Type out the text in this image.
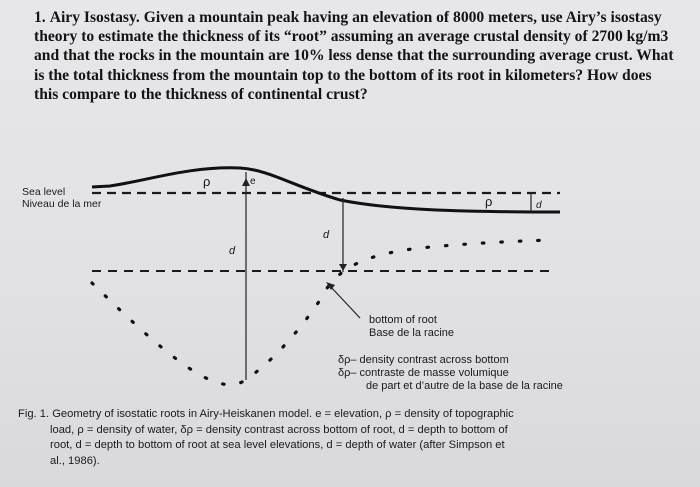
1. Airy Isostasy. Given a mountain peak having an elevation of 8000 meters, use Airy’s isostasy theory to estimate the thickness of its “root” assuming an average crustal density of 2700 kg/m3 and that the rocks in the mountain are 10% less dense that the surrounding average crust. What is the total thickness from the mountain top to the bottom of its root in kilometers? How does this compare to the thickness of continental crust?
Sea level
Niveau de la mer
ρ	e
d
d
ρ	d
bottom of root
Base de la racine
δρ– density contrast across bottom
δρ– contraste de masse volumique
de part et d’autre de la base de la racine
Fig. 1. Geometry of isostatic roots in Airy-Heiskanen model. e = elevation, ρ = density of topographic
load, ρ = density of water, δρ = density contrast across bottom of root, d = depth to bottom of
root, d = depth to bottom of root at sea level elevations, d = depth of water (after Simpson et
al., 1986).
